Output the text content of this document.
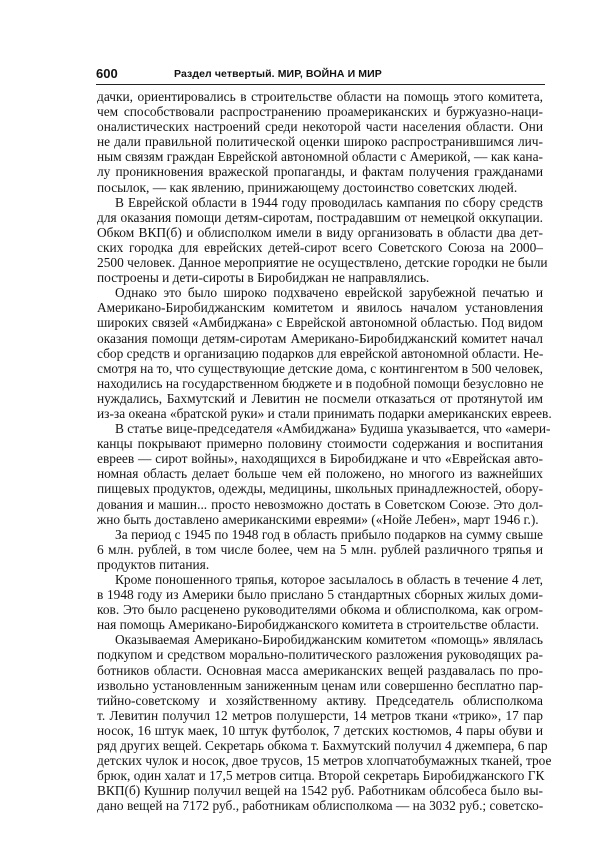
600	Раздел четвертый. МИР, ВОЙНА И МИР
дачки, ориентировались в строительстве области на помощь этого комитета,
чем способствовали распространению проамериканских и буржуазно-наци-
оналистических настроений среди некоторой части населения области. Они
не дали правильной политической оценки широко распространившимся лич-
ным связям граждан Еврейской автономной области с Америкой, — как кана-
лу проникновения вражеской пропаганды, и фактам получения гражданами
посылок, — как явлению, принижающему достоинство советских людей.
В Еврейской области в 1944 году проводилась кампания по сбору средств
для оказания помощи детям-сиротам, пострадавшим от немецкой оккупации.
Обком ВКП(б) и облисполком имели в виду организовать в области два дет-
ских городка для еврейских детей-сирот всего Советского Союза на 2000–
2500 человек. Данное мероприятие не осуществлено, детские городки не были
построены и дети-сироты в Биробиджан не направлялись.
Однако это было широко подхвачено еврейской зарубежной печатью и
Американо-Биробиджанским комитетом и явилось началом установления
широких связей «Амбиджана» с Еврейской автономной областью. Под видом
оказания помощи детям-сиротам Американо-Биробиджанский комитет начал
сбор средств и организацию подарков для еврейской автономной области. Не-
смотря на то, что существующие детские дома, с контингентом в 500 человек,
находились на государственном бюджете и в подобной помощи безусловно не
нуждались, Бахмутский и Левитин не посмели отказаться от протянутой им
из-за океана «братской руки» и стали принимать подарки американских евреев.
В статье вице-председателя «Амбиджана» Будиша указывается, что «амери-
канцы покрывают примерно половину стоимости содержания и воспитания
евреев — сирот войны», находящихся в Биробиджане и что «Еврейская авто-
номная область делает больше чем ей положено, но многого из важнейших
пищевых продуктов, одежды, медицины, школьных принадлежностей, обору-
дования и машин... просто невозможно достать в Советском Союзе. Это дол-
жно быть доставлено американскими евреями» («Нойе Лебен», март 1946 г.).
За период с 1945 по 1948 год в область прибыло подарков на сумму свыше
6 млн. рублей, в том числе более, чем на 5 млн. рублей различного тряпья и
продуктов питания.
Кроме поношенного тряпья, которое засылалось в область в течение 4 лет,
в 1948 году из Америки было прислано 5 стандартных сборных жилых доми-
ков. Это было расценено руководителями обкома и облисполкома, как огром-
ная помощь Американо-Биробиджанского комитета в строительстве области.
Оказываемая Американо-Биробиджанским комитетом «помощь» являлась
подкупом и средством морально-политического разложения руководящих ра-
ботников области. Основная масса американских вещей раздавалась по про-
извольно установленным заниженным ценам или совершенно бесплатно пар-
тийно-советскому и хозяйственному активу. Председатель облисполкома
т. Левитин получил 12 метров полушерсти, 14 метров ткани «трико», 17 пар
носок, 16 штук маек, 10 штук футболок, 7 детских костюмов, 4 пары обуви и
ряд других вещей. Секретарь обкома т. Бахмутский получил 4 джемпера, 6 пар
детских чулок и носок, двое трусов, 15 метров хлопчатобумажных тканей, трое
брюк, один халат и 17,5 метров ситца. Второй секретарь Биробиджанского ГК
ВКП(б) Кушнир получил вещей на 1542 руб. Работникам облсобеса было вы-
дано вещей на 7172 руб., работникам облисполкома — на 3032 руб.; советско-
